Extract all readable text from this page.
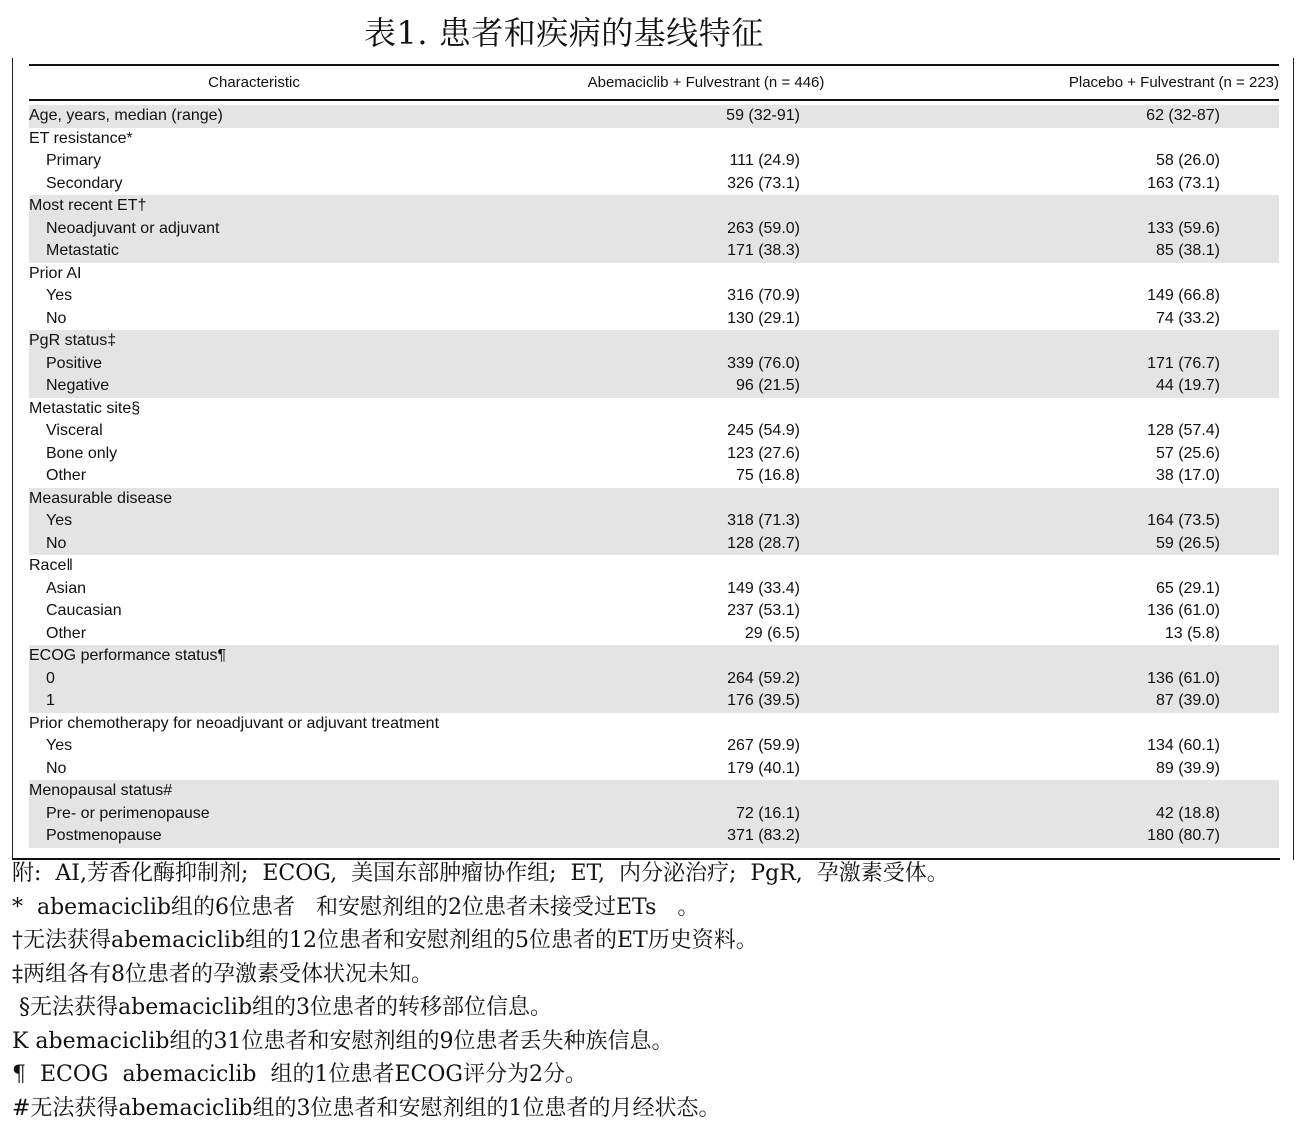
表1. 患者和疾病的基线特征
Characteristic	Abemaciclib + Fulvestrant (n = 446)	Placebo + Fulvestrant (n = 223)
Age, years, median (range)	59 (32-91)	62 (32-87)
ET resistance*
Primary	111 (24.9)	58 (26.0)
Secondary	326 (73.1)	163 (73.1)
Most recent ET†
Neoadjuvant or adjuvant	263 (59.0)	133 (59.6)
Metastatic	171 (38.3)	85 (38.1)
Prior AI
Yes	316 (70.9)	149 (66.8)
No	130 (29.1)	74 (33.2)
PgR status‡
Positive	339 (76.0)	171 (76.7)
Negative	96 (21.5)	44 (19.7)
Metastatic site§
Visceral	245 (54.9)	128 (57.4)
Bone only	123 (27.6)	57 (25.6)
Other	75 (16.8)	38 (17.0)
Measurable disease
Yes	318 (71.3)	164 (73.5)
No	128 (28.7)	59 (26.5)
Race‖
Asian	149 (33.4)	65 (29.1)
Caucasian	237 (53.1)	136 (61.0)
Other	29 (6.5)	13 (5.8)
ECOG performance status¶
0	264 (59.2)	136 (61.0)
1	176 (39.5)	87 (39.0)
Prior chemotherapy for neoadjuvant or adjuvant treatment
Yes	267 (59.9)	134 (60.1)
No	179 (40.1)	89 (39.9)
Menopausal status#
Pre- or perimenopause	72 (16.1)	42 (18.8)
Postmenopause	371 (83.2)	180 (80.7)
附:  AI,芳香化酶抑制剂;  ECOG,  美国东部肿瘤协作组;  ET,  内分泌治疗;  PgR,  孕激素受体。
*  abemaciclib组的6位患者   和安慰剂组的2位患者未接受过ETs   。
†无法获得abemaciclib组的12位患者和安慰剂组的5位患者的ET历史资料。
‡两组各有8位患者的孕激素受体状况未知。
§无法获得abemaciclib组的3位患者的转移部位信息。
K abemaciclib组的31位患者和安慰剂组的9位患者丢失种族信息。
¶  ECOG  abemaciclib  组的1位患者ECOG评分为2分。
#无法获得abemaciclib组的3位患者和安慰剂组的1位患者的月经状态。
